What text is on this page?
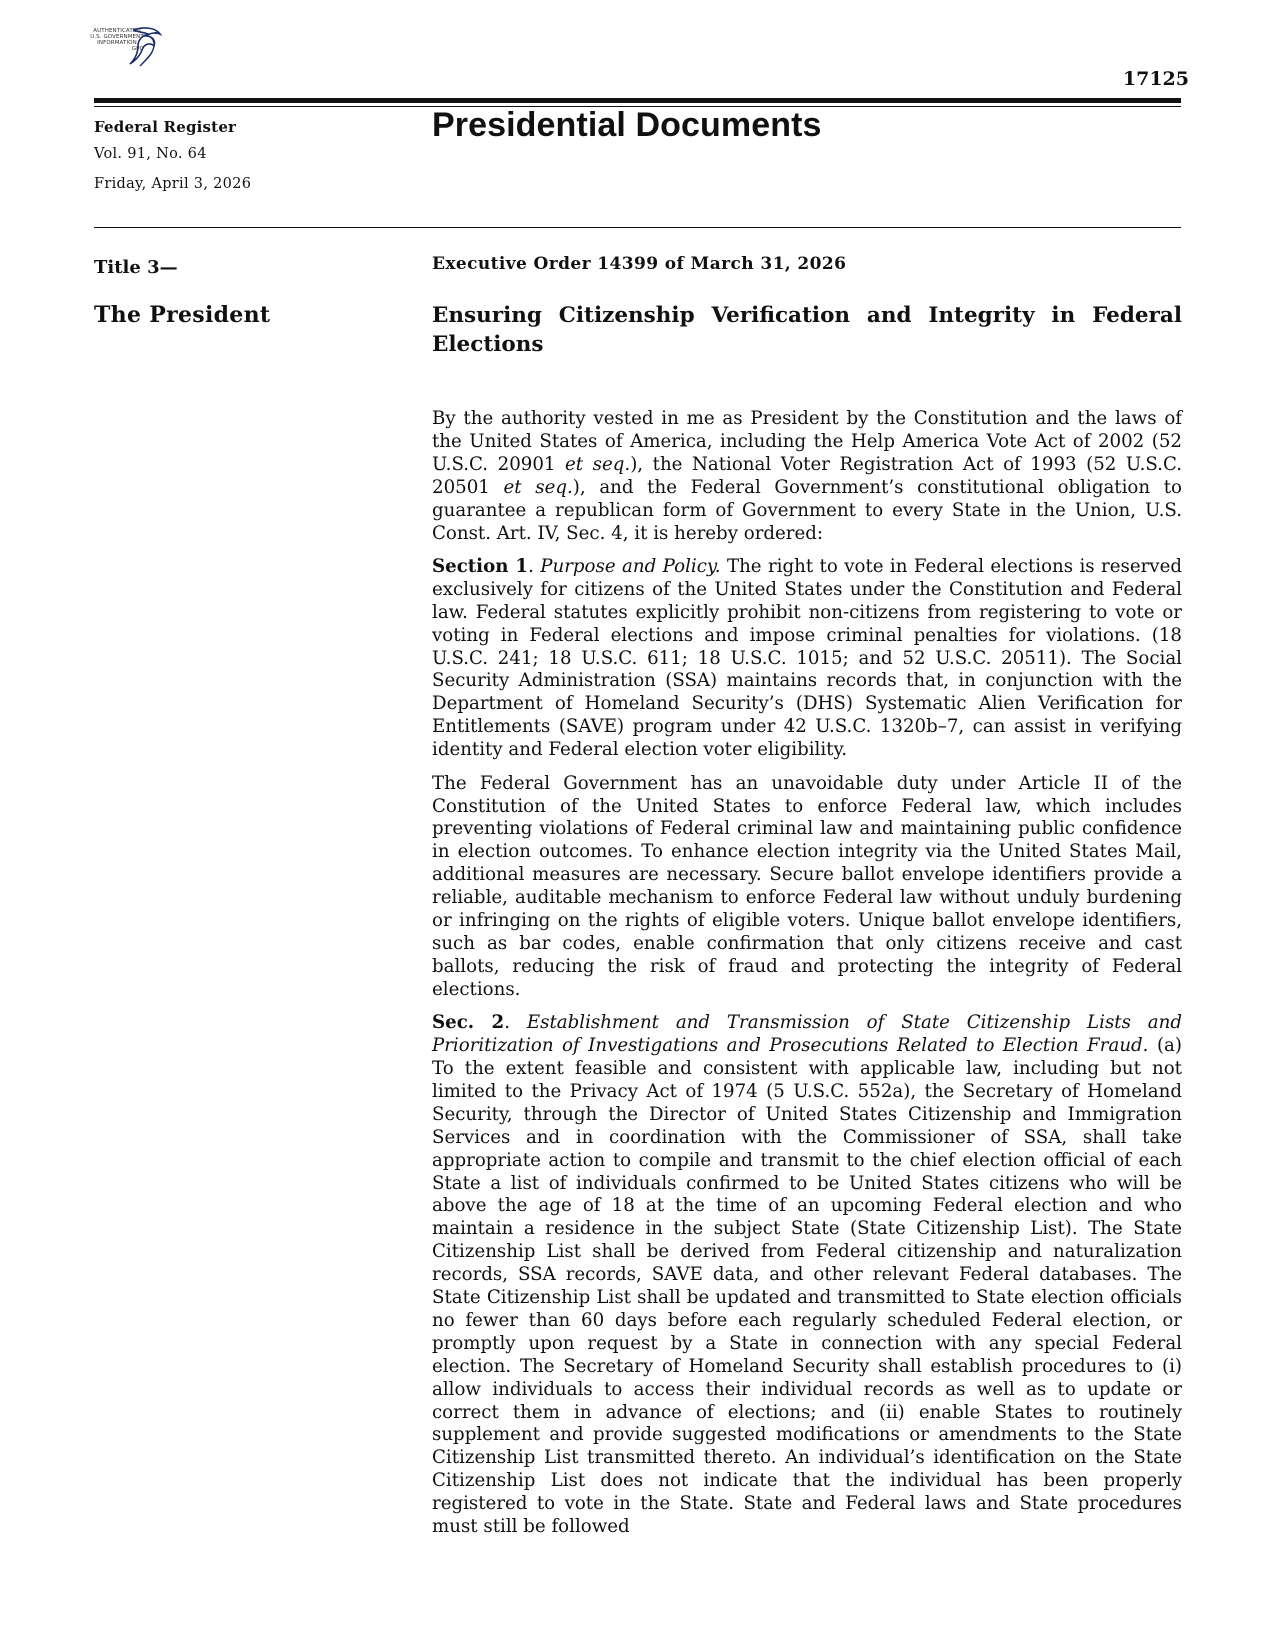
AUTHENTICATED
U.S. GOVERNMENT
INFORMATION
GPO
17125
Federal Register
Vol. 91, No. 64
Friday, April 3, 2026
Presidential Documents
Title 3—
The President
Executive Order 14399 of March 31, 2026
Ensuring Citizenship Verification and Integrity in Federal Elections

By the authority vested in me as President by the Constitution and the laws of the United States of America, including the Help America Vote Act of 2002 (52 U.S.C. 20901 et seq.), the National Voter Registration Act of 1993 (52 U.S.C. 20501 et seq.), and the Federal Government’s constitutional obligation to guarantee a republican form of Government to every State in the Union, U.S. Const. Art. IV, Sec. 4, it is hereby ordered:

Section 1. Purpose and Policy. The right to vote in Federal elections is reserved exclusively for citizens of the United States under the Constitution and Federal law. Federal statutes explicitly prohibit non-citizens from registering to vote or voting in Federal elections and impose criminal penalties for violations. (18 U.S.C. 241; 18 U.S.C. 611; 18 U.S.C. 1015; and 52 U.S.C. 20511). The Social Security Administration (SSA) maintains records that, in conjunction with the Department of Homeland Security’s (DHS) Systematic Alien Verification for Entitlements (SAVE) program under 42 U.S.C. 1320b–7, can assist in verifying identity and Federal election voter eligibility.

The Federal Government has an unavoidable duty under Article II of the Constitution of the United States to enforce Federal law, which includes preventing violations of Federal criminal law and maintaining public confidence in election outcomes. To enhance election integrity via the United States Mail, additional measures are necessary. Secure ballot envelope identifiers provide a reliable, auditable mechanism to enforce Federal law without unduly burdening or infringing on the rights of eligible voters. Unique ballot envelope identifiers, such as bar codes, enable confirmation that only citizens receive and cast ballots, reducing the risk of fraud and protecting the integrity of Federal elections.

Sec. 2. Establishment and Transmission of State Citizenship Lists and Prioritization of Investigations and Prosecutions Related to Election Fraud. (a) To the extent feasible and consistent with applicable law, including but not limited to the Privacy Act of 1974 (5 U.S.C. 552a), the Secretary of Homeland Security, through the Director of United States Citizenship and Immigration Services and in coordination with the Commissioner of SSA, shall take appropriate action to compile and transmit to the chief election official of each State a list of individuals confirmed to be United States citizens who will be above the age of 18 at the time of an upcoming Federal election and who maintain a residence in the subject State (State Citizenship List). The State Citizenship List shall be derived from Federal citizenship and naturalization records, SSA records, SAVE data, and other relevant Federal databases. The State Citizenship List shall be updated and transmitted to State election officials no fewer than 60 days before each regularly scheduled Federal election, or promptly upon request by a State in connection with any special Federal election. The Secretary of Homeland Security shall establish procedures to (i) allow individuals to access their individual records as well as to update or correct them in advance of elections; and (ii) enable States to routinely supplement and provide suggested modifications or amendments to the State Citizenship List transmitted thereto. An individual’s identification on the State Citizenship List does not indicate that the individual has been properly registered to vote in the State. State and Federal laws and State procedures must still be followed
